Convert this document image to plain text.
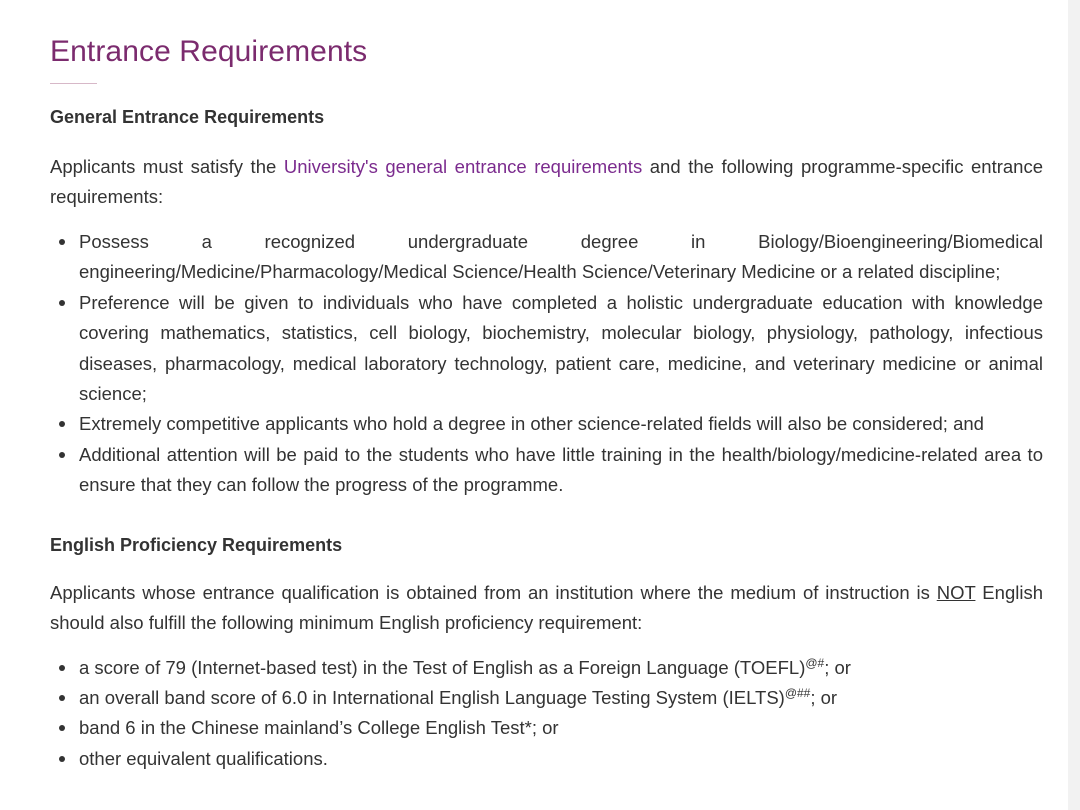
Entrance Requirements
General Entrance Requirements

Applicants must satisfy the University's general entrance requirements and the following programme-specific entrance requirements:

Possess a recognized undergraduate degree in Biology/Bioengineering/Biomedical engineering/Medicine/Pharmacology/Medical Science/Health Science/Veterinary Medicine or a related discipline;
Preference will be given to individuals who have completed a holistic undergraduate education with knowledge covering mathematics, statistics, cell biology, biochemistry, molecular biology, physiology, pathology, infectious diseases, pharmacology, medical laboratory technology, patient care, medicine, and veterinary medicine or animal science;
Extremely competitive applicants who hold a degree in other science-related fields will also be considered; and
Additional attention will be paid to the students who have little training in the health/biology/medicine-related area to ensure that they can follow the progress of the programme.
English Proficiency Requirements

Applicants whose entrance qualification is obtained from an institution where the medium of instruction is NOT English should also fulfill the following minimum English proficiency requirement:

a score of 79 (Internet-based test) in the Test of English as a Foreign Language (TOEFL)@#; or
an overall band score of 6.0 in International English Language Testing System (IELTS)@##; or
band 6 in the Chinese mainland’s College English Test*; or
other equivalent qualifications.
